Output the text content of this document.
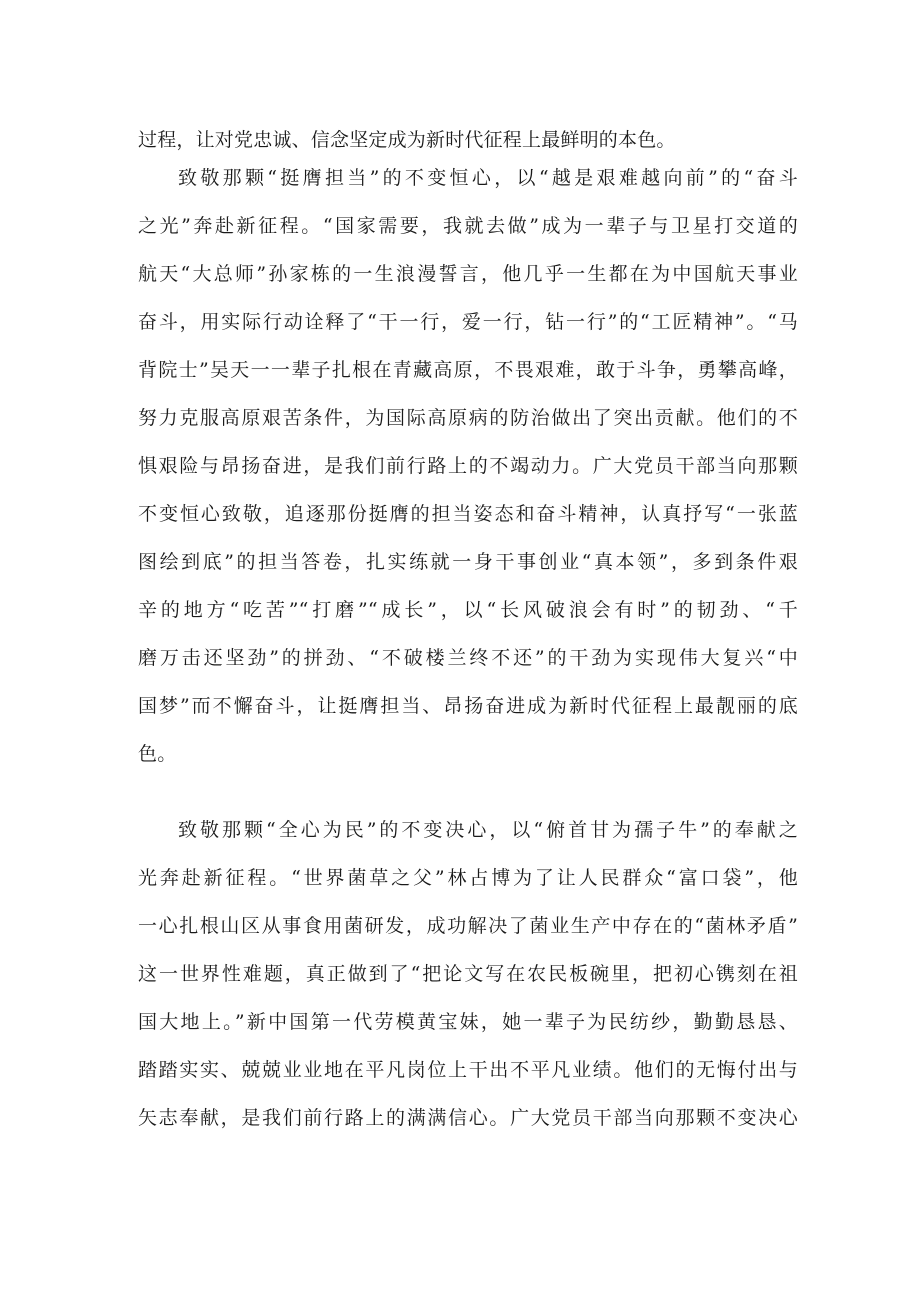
过程，让对党忠诚、信念坚定成为新时代征程上最鲜明的本色。
致敬那颗“挺膺担当”的不变恒心，以“越是艰难越向前”的“奋斗
之光”奔赴新征程。“国家需要，我就去做”成为一辈子与卫星打交道的
航天“大总师”孙家栋的一生浪漫誓言，他几乎一生都在为中国航天事业
奋斗，用实际行动诠释了“干一行，爱一行，钻一行”的“工匠精神”。“马
背院士”吴天一一辈子扎根在青藏高原，不畏艰难，敢于斗争，勇攀高峰，
努力克服高原艰苦条件，为国际高原病的防治做出了突出贡献。他们的不
惧艰险与昂扬奋进，是我们前行路上的不竭动力。广大党员干部当向那颗
不变恒心致敬，追逐那份挺膺的担当姿态和奋斗精神，认真抒写“一张蓝
图绘到底”的担当答卷，扎实练就一身干事创业“真本领”，多到条件艰
辛的地方“吃苦”“打磨”“成长”，以“长风破浪会有时”的韧劲、“千
磨万击还坚劲”的拼劲、“不破楼兰终不还”的干劲为实现伟大复兴“中
国梦”而不懈奋斗，让挺膺担当、昂扬奋进成为新时代征程上最靓丽的底
色。
致敬那颗“全心为民”的不变决心，以“俯首甘为孺子牛”的奉献之
光奔赴新征程。“世界菌草之父”林占博为了让人民群众“富口袋”，他
一心扎根山区从事食用菌研发，成功解决了菌业生产中存在的“菌林矛盾”
这一世界性难题，真正做到了“把论文写在农民板碗里，把初心镌刻在祖
国大地上。”新中国第一代劳模黄宝妹，她一辈子为民纺纱，勤勤恳恳、
踏踏实实、兢兢业业地在平凡岗位上干出不平凡业绩。他们的无悔付出与
矢志奉献，是我们前行路上的满满信心。广大党员干部当向那颗不变决心
